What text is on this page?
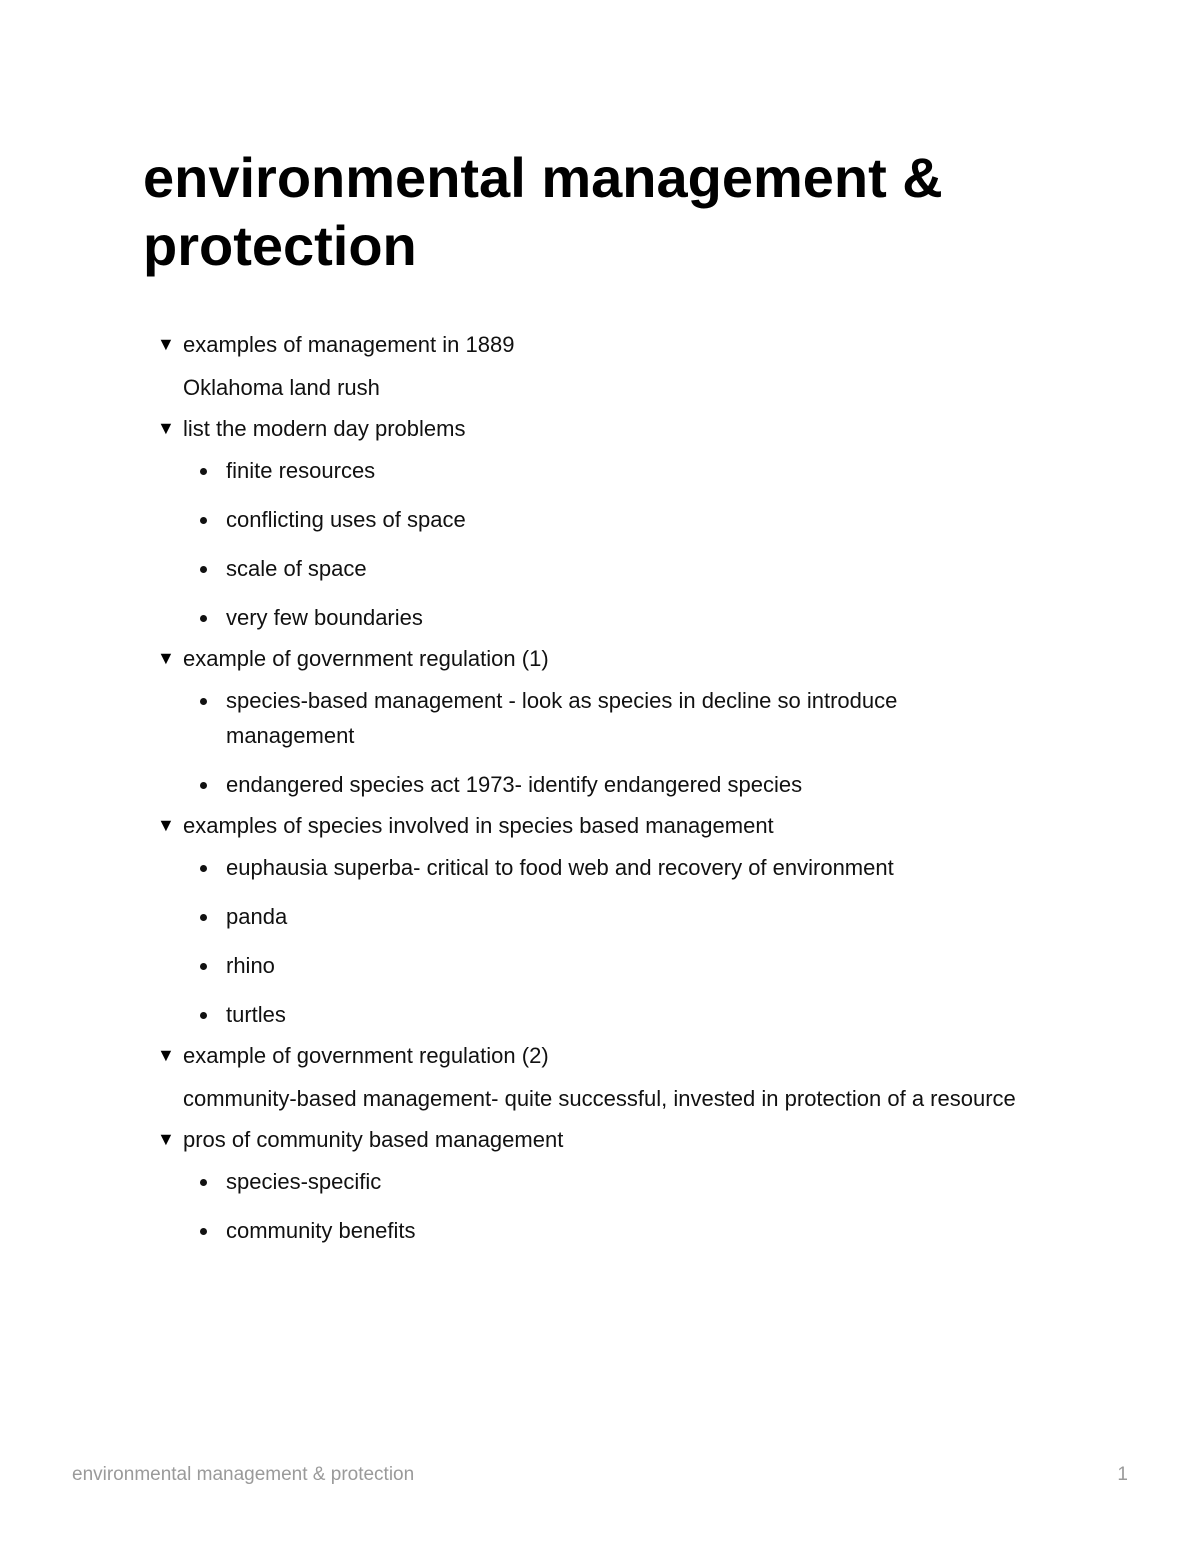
environmental management & protection
▼ examples of management in 1889
Oklahoma land rush
▼ list the modern day problems
finite resources
conflicting uses of space
scale of space
very few boundaries
▼ example of government regulation (1)
species-based management - look as species in decline so introduce management
endangered species act 1973- identify endangered species
▼ examples of species involved in species based management
euphausia superba- critical to food web and recovery of environment
panda
rhino
turtles
▼ example of government regulation (2)
community-based management- quite successful, invested in protection of a resource
▼ pros of community based management
species-specific
community benefits
environmental management & protection	1
